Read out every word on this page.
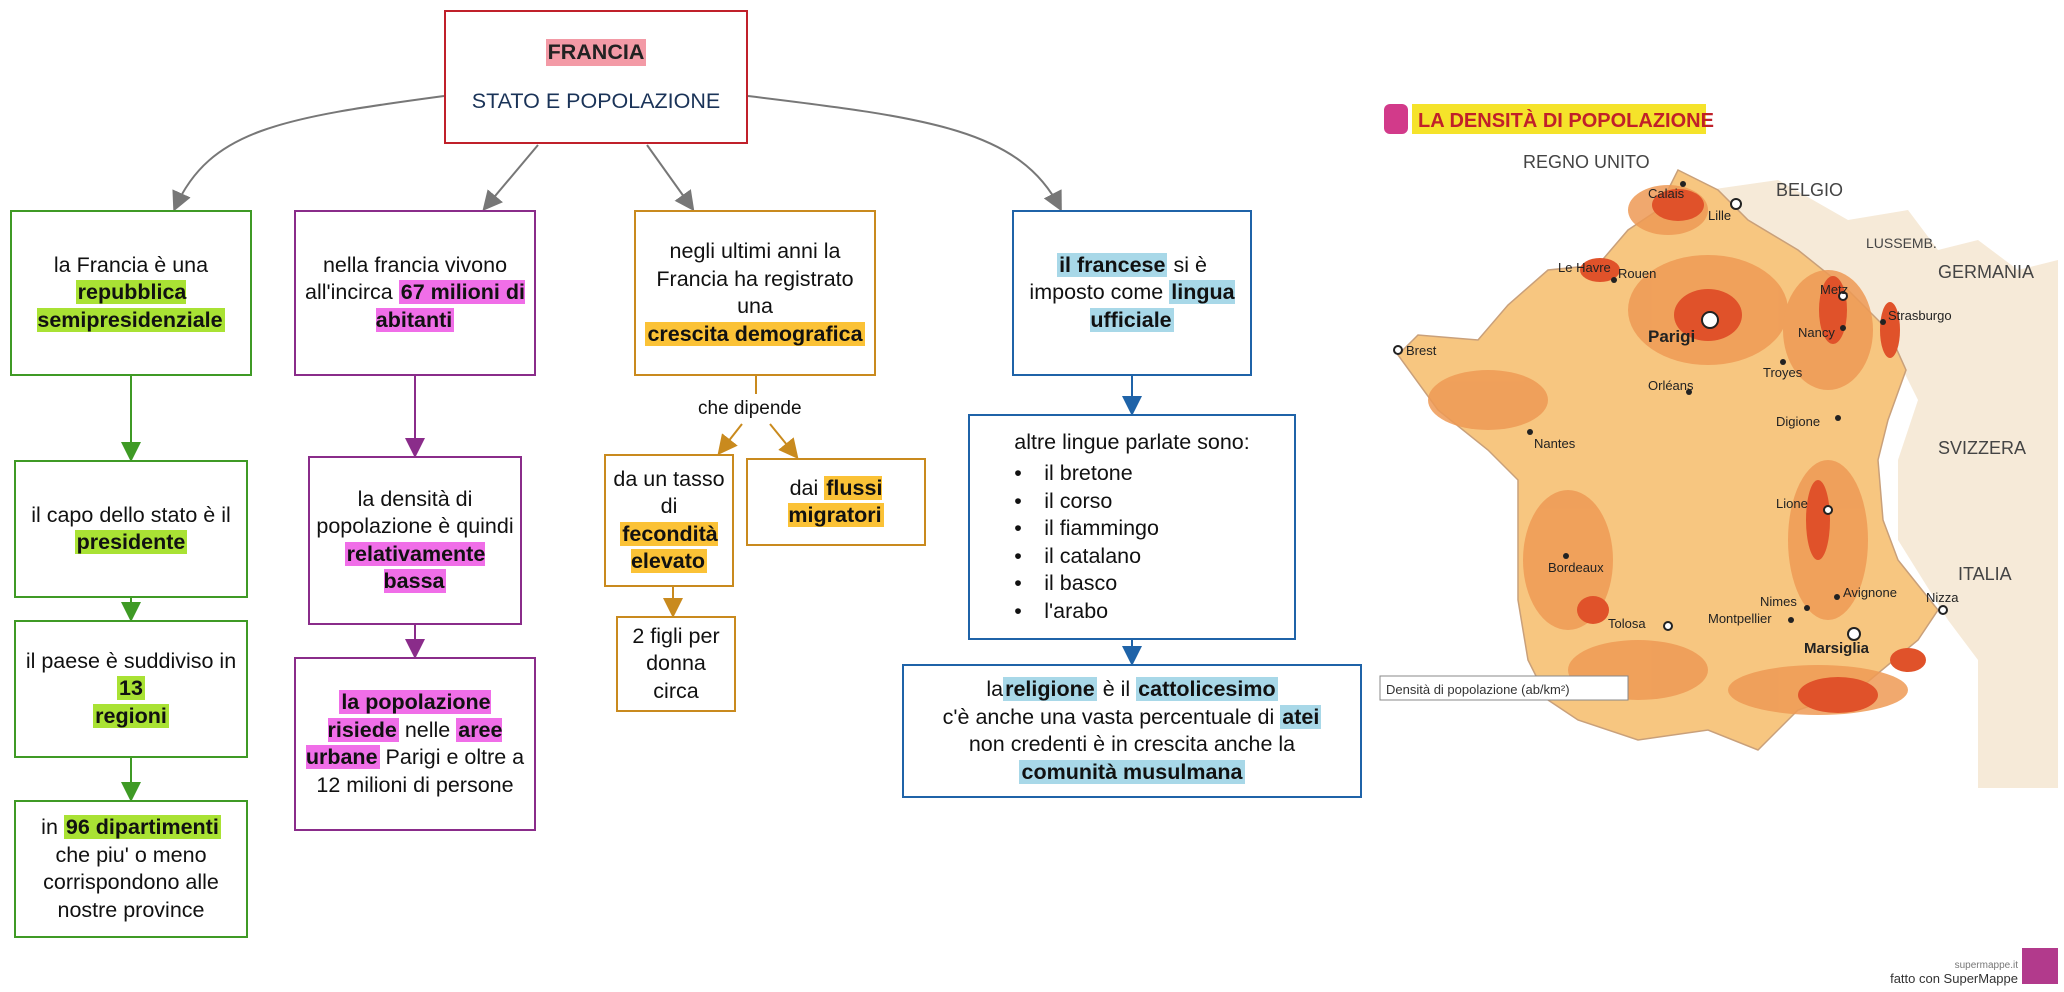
FRANCIA
STATO E POPOLAZIONE
la Francia è una
repubblica semipresidenziale
il capo dello stato è il presidente
il paese è suddiviso in 13
regioni
in 96 dipartimenti che piu' o meno corrispondono alle nostre province
nella francia vivono all'incirca 67 milioni di abitanti
la densità di popolazione è quindi
relativamente bassa
la popolazione risiede nelle aree urbane Parigi e oltre a 12 milioni di persone
negli ultimi anni la Francia ha registrato una
crescita demografica
che dipende
da un tasso di
fecondità elevato
dai flussi migratori
2 figli per donna circa
il francese si è imposto come lingua ufficiale
altre lingue parlate sono:
• il bretone
• il corso
• il fiammingo
• il catalano
• il basco
• l'arabo
lareligione è il cattolicesimo
c'è anche una vasta percentuale di atei
non credenti è in crescita anche la
comunità musulmana
LA DENSITÀ DI POPOLAZIONE
REGNO UNITO
BELGIO
LUSSEMB.
GERMANIA
SVIZZERA
ITALIA
Calais
Lille
Le Havre Rouen
Metz
Strasburgo
Parigi	Nancy
Brest
Troyes
Orléans
Digione
Nantes
Lione
Bordeaux
Nimes
Avignone Nizza
Montpellier
Tolosa
Marsiglia
Densità di popolazione (ab/km²)
supermappe.it
fatto con SuperMappe
